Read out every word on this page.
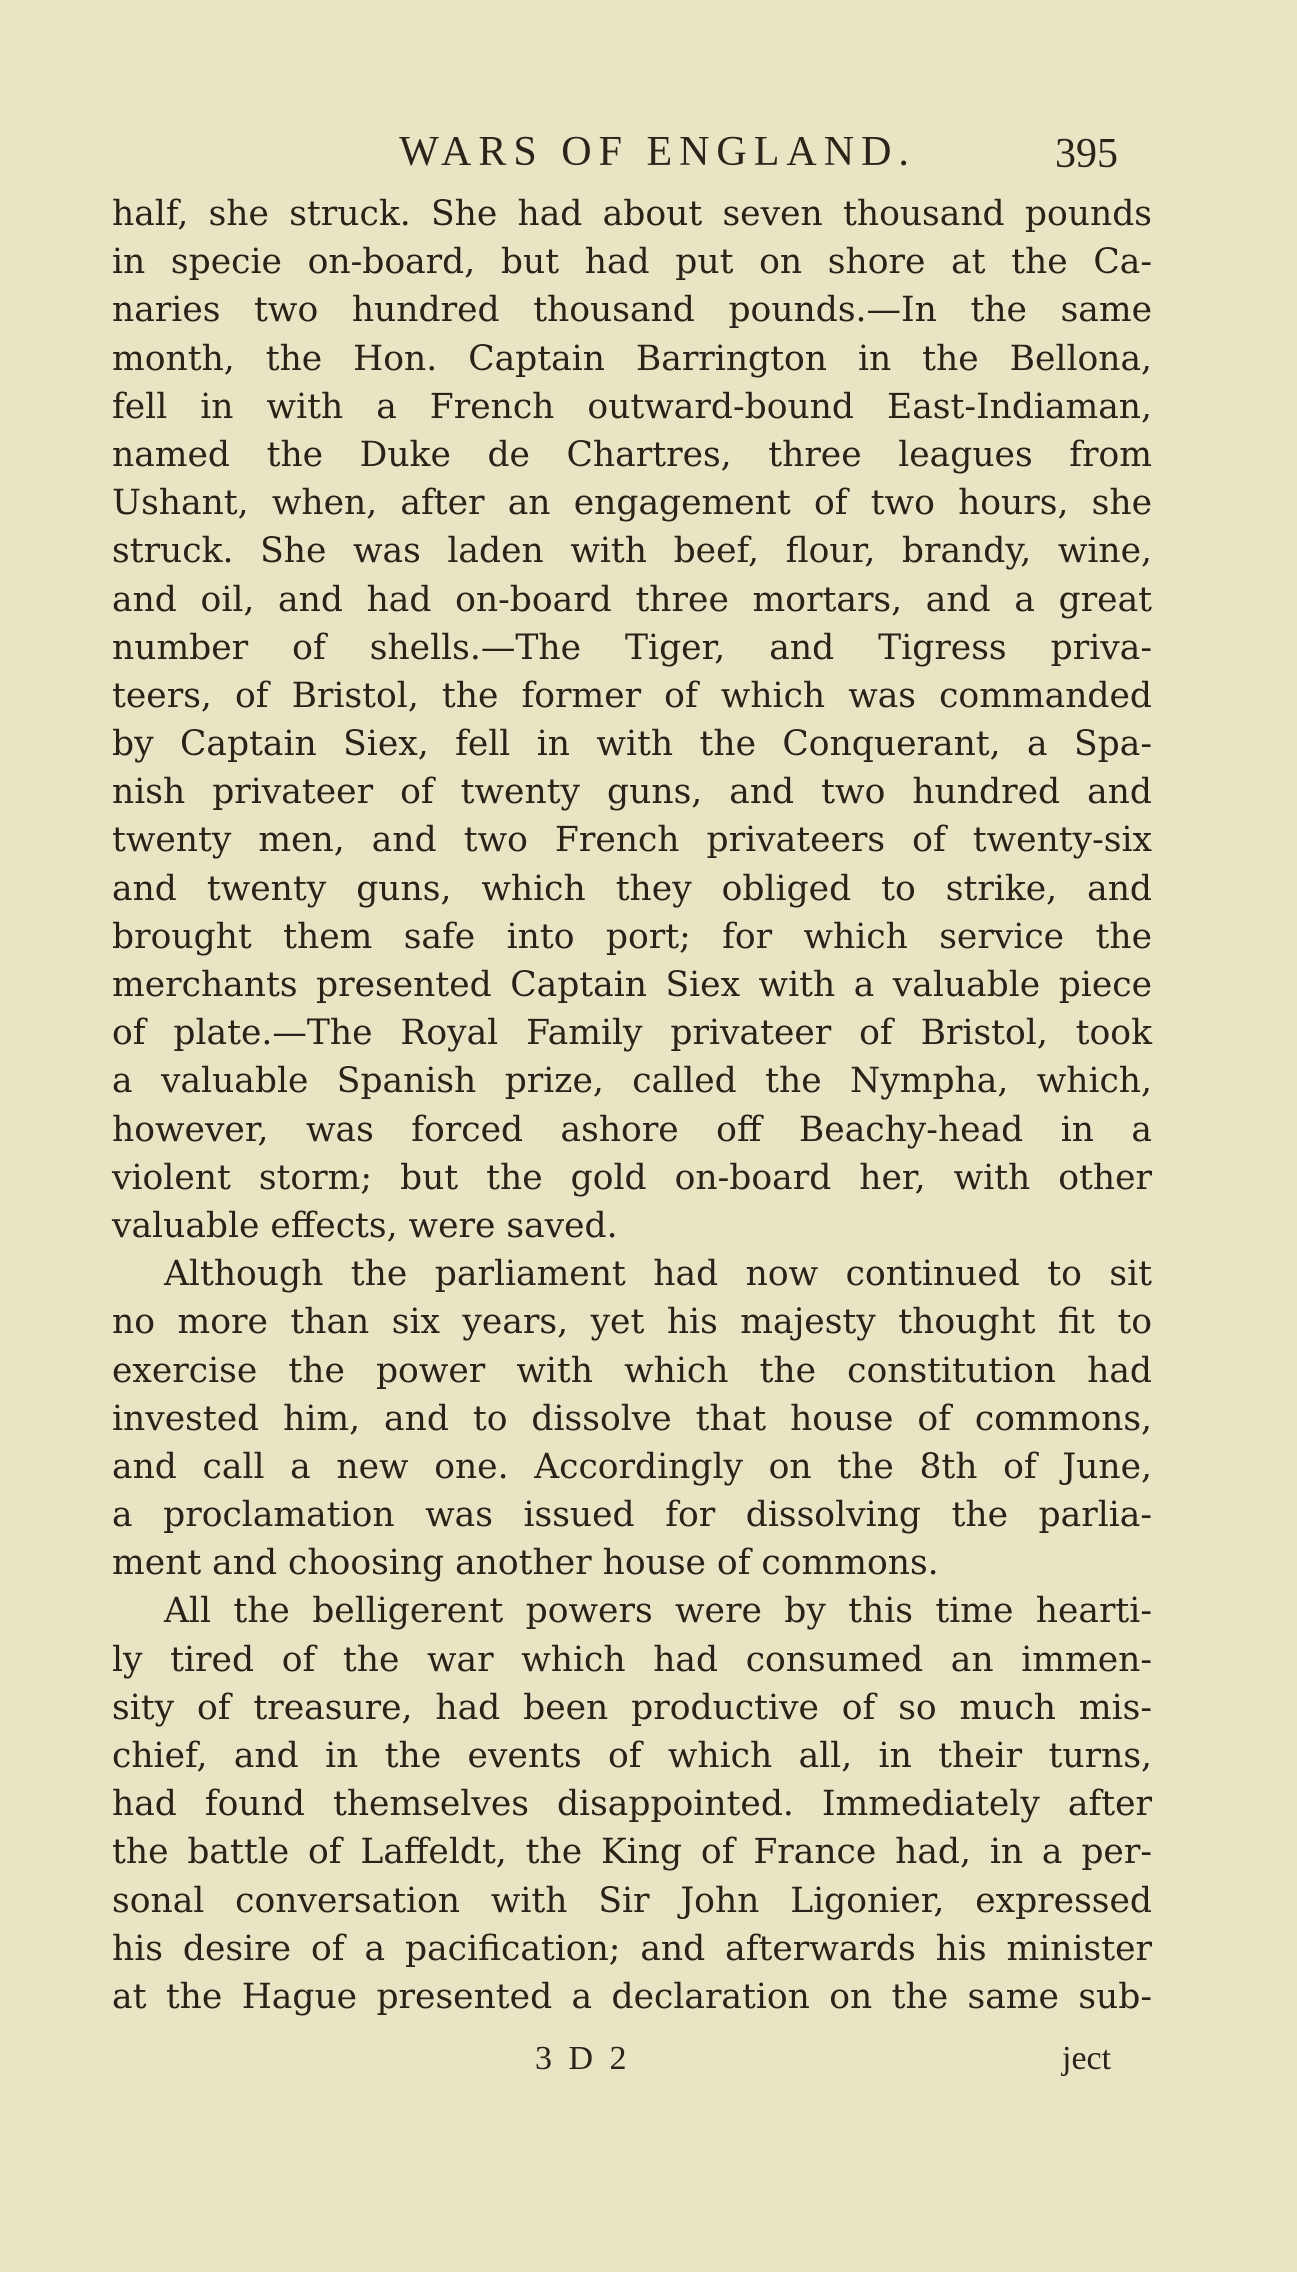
WARS OF ENGLAND.	395
half, she struck. She had about seven thousand pounds
in specie on-board, but had put on shore at the Ca-
naries two hundred thousand pounds.—In the same
month, the Hon. Captain Barrington in the Bellona,
fell in with a French outward-bound East-Indiaman,
named the Duke de Chartres, three leagues from
Ushant, when, after an engagement of two hours, she
struck. She was laden with beef, flour, brandy, wine,
and oil, and had on-board three mortars, and a great
number of shells.—The Tiger, and Tigress priva-
teers, of Bristol, the former of which was commanded
by Captain Siex, fell in with the Conquerant, a Spa-
nish privateer of twenty guns, and two hundred and
twenty men, and two French privateers of twenty-six
and twenty guns, which they obliged to strike, and
brought them safe into port; for which service the
merchants presented Captain Siex with a valuable piece
of plate.—The Royal Family privateer of Bristol, took
a valuable Spanish prize, called the Nympha, which,
however, was forced ashore off Beachy-head in a
violent storm; but the gold on-board her, with other
valuable effects, were saved.
Although the parliament had now continued to sit
no more than six years, yet his majesty thought fit to
exercise the power with which the constitution had
invested him, and to dissolve that house of commons,
and call a new one. Accordingly on the 8th of June,
a proclamation was issued for dissolving the parlia-
ment and choosing another house of commons.
All the belligerent powers were by this time hearti-
ly tired of the war which had consumed an immen-
sity of treasure, had been productive of so much mis-
chief, and in the events of which all, in their turns,
had found themselves disappointed. Immediately after
the battle of Laffeldt, the King of France had, in a per-
sonal conversation with Sir John Ligonier, expressed
his desire of a pacification; and afterwards his minister
at the Hague presented a declaration on the same sub-
3 D 2	ject
